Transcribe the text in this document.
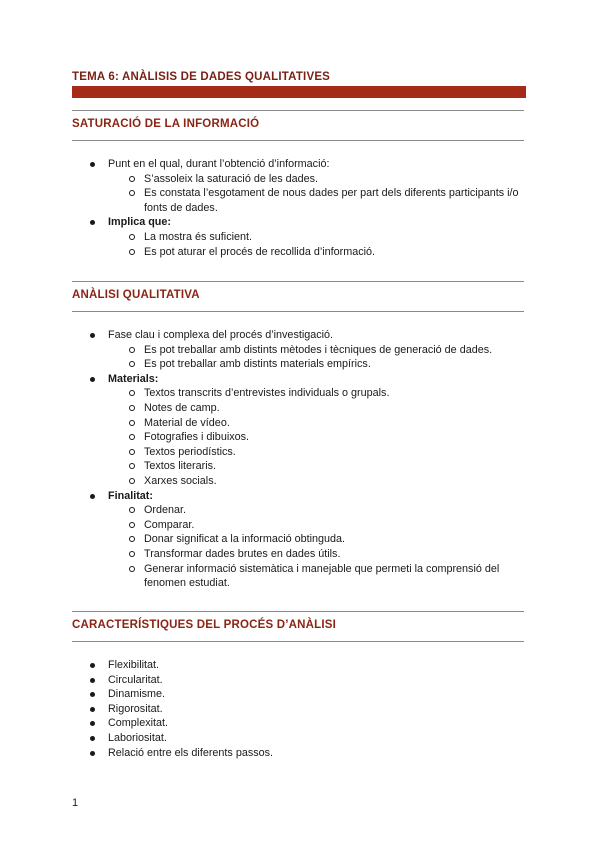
TEMA 6: ANÀLISIS DE DADES QUALITATIVES
SATURACIÓ DE LA INFORMACIÓ
Punt en el qual, durant l’obtenció d’informació:
S’assoleix la saturació de les dades.
Es constata l’esgotament de nous dades per part dels diferents participants i/o fonts de dades.
Implica que:
La mostra és suficient.
Es pot aturar el procés de recollida d’informació.
ANÀLISI QUALITATIVA
Fase clau i complexa del procés d’investigació.
Es pot treballar amb distints mètodes i tècniques de generació de dades.
Es pot treballar amb distints materials empírics.
Materials:
Textos transcrits d’entrevistes individuals o grupals.
Notes de camp.
Material de vídeo.
Fotografies i dibuixos.
Textos periodístics.
Textos literaris.
Xarxes socials.
Finalitat:
Ordenar.
Comparar.
Donar significat a la informació obtinguda.
Transformar dades brutes en dades útils.
Generar informació sistemàtica i manejable que permeti la comprensió del fenomen estudiat.
CARACTERÍSTIQUES DEL PROCÉS D’ANÀLISI
Flexibilitat.
Circularitat.
Dinamisme.
Rigorositat.
Complexitat.
Laboriositat.
Relació entre els diferents passos.
1
